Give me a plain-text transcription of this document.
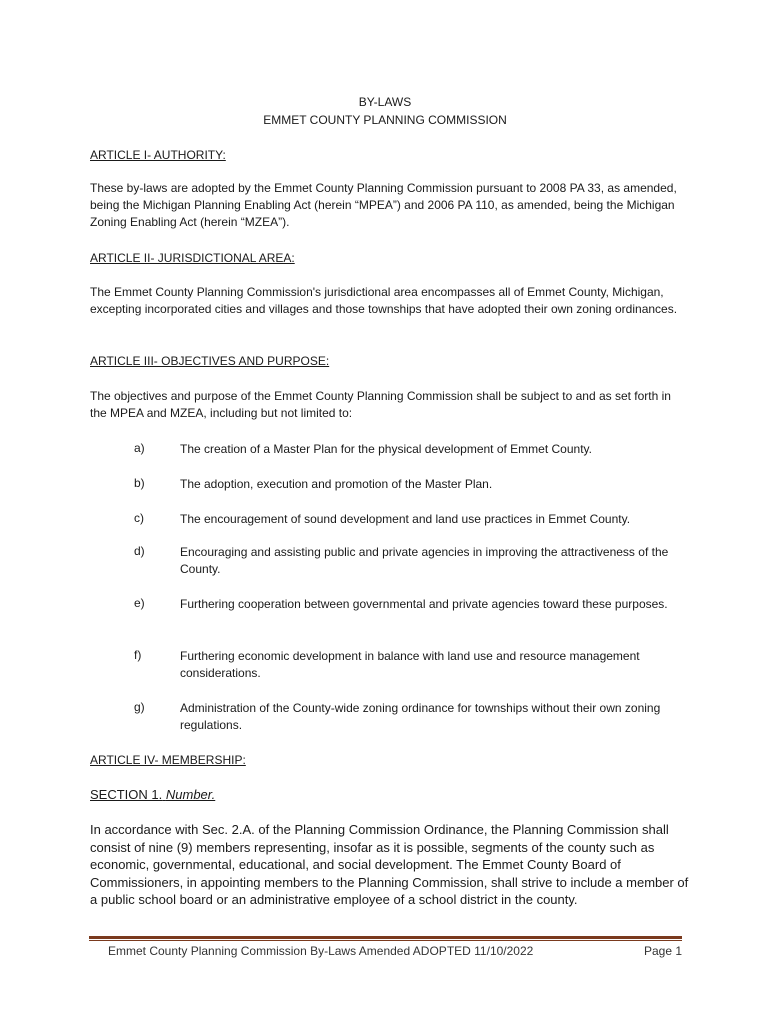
BY-LAWS
EMMET COUNTY PLANNING COMMISSION
ARTICLE I- AUTHORITY:
These by-laws are adopted by the Emmet County Planning Commission pursuant to 2008 PA 33, as amended, being the Michigan Planning Enabling Act (herein “MPEA”) and 2006 PA 110, as amended, being the Michigan Zoning Enabling Act (herein “MZEA”).
ARTICLE II- JURISDICTIONAL AREA:
The Emmet County Planning Commission's jurisdictional area encompasses all of Emmet County, Michigan, excepting incorporated cities and villages and those townships that have adopted their own zoning ordinances.
ARTICLE III- OBJECTIVES AND PURPOSE:
The objectives and purpose of the Emmet County Planning Commission shall be subject to and as set forth in the MPEA and MZEA, including but not limited to:
a)	The creation of a Master Plan for the physical development of Emmet County.
b)	The adoption, execution and promotion of the Master Plan.
c)	The encouragement of sound development and land use practices in Emmet County.
d)	Encouraging and assisting public and private agencies in improving the attractiveness of the County.
e)	Furthering cooperation between governmental and private agencies toward these purposes.
f)	Furthering economic development in balance with land use and resource management considerations.
g)	Administration of the County-wide zoning ordinance for townships without their own zoning regulations.
ARTICLE IV- MEMBERSHIP:
SECTION 1. Number.
In accordance with Sec. 2.A. of the Planning Commission Ordinance, the Planning Commission shall consist of nine (9) members representing, insofar as it is possible, segments of the county such as economic, governmental, educational, and social development. The Emmet County Board of Commissioners, in appointing members to the Planning Commission, shall strive to include a member of a public school board or an administrative employee of a school district in the county.
Emmet County Planning Commission By-Laws Amended ADOPTED 11/10/2022	Page 1
